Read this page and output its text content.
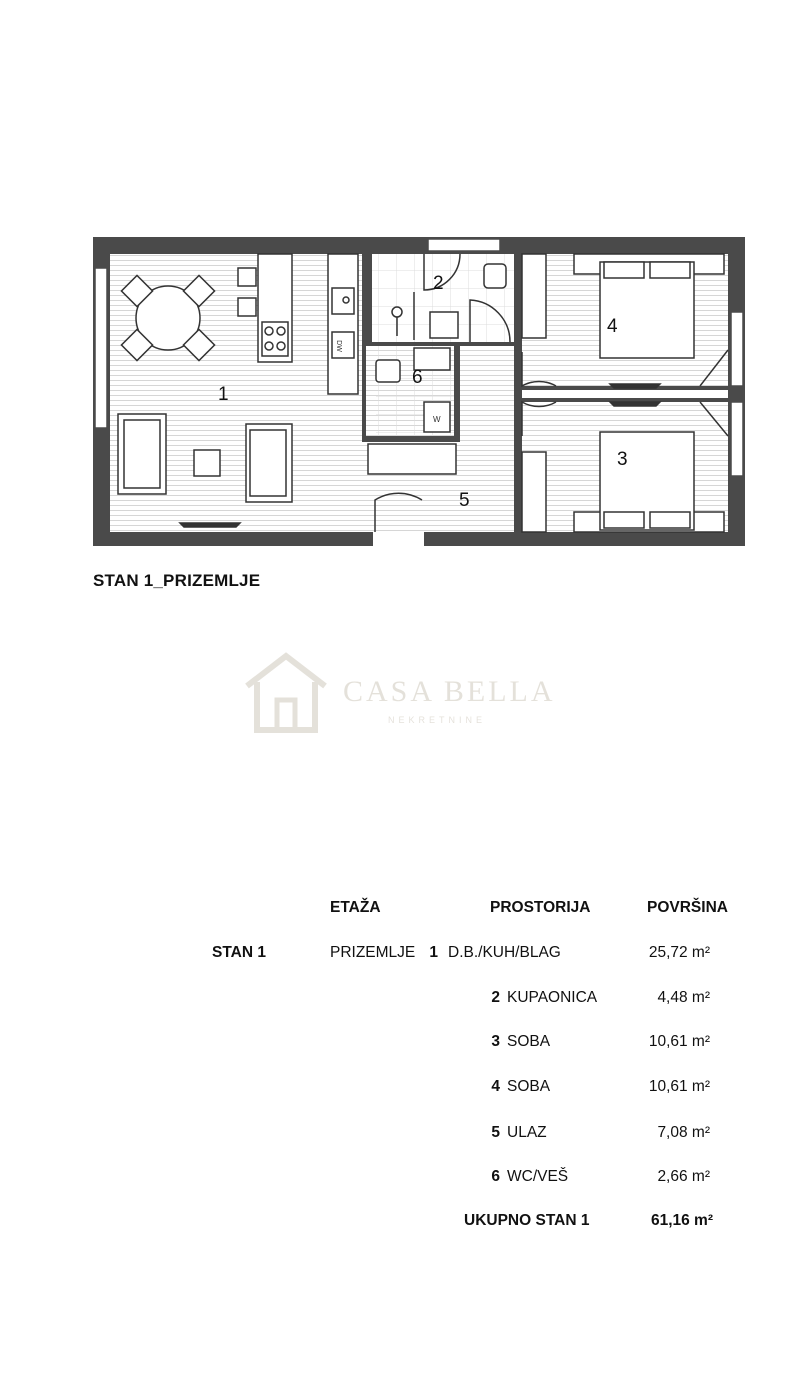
DW
W
1
2
3
4
5
6
STAN 1_PRIZEMLJE
CASA BELLA
NEKRETNINE
ETAŽA	PROSTORIJA	POVRŠINA
STAN 1	PRIZEMLJE 1 D.B./KUH/BLAG	25,72 m²
2 KUPAONICA	4,48 m²
3 SOBA	10,61 m²
4 SOBA	10,61 m²
5 ULAZ	7,08 m²
6 WC/VEŠ	2,66 m²
UKUPNO STAN 1	61,16 m²
